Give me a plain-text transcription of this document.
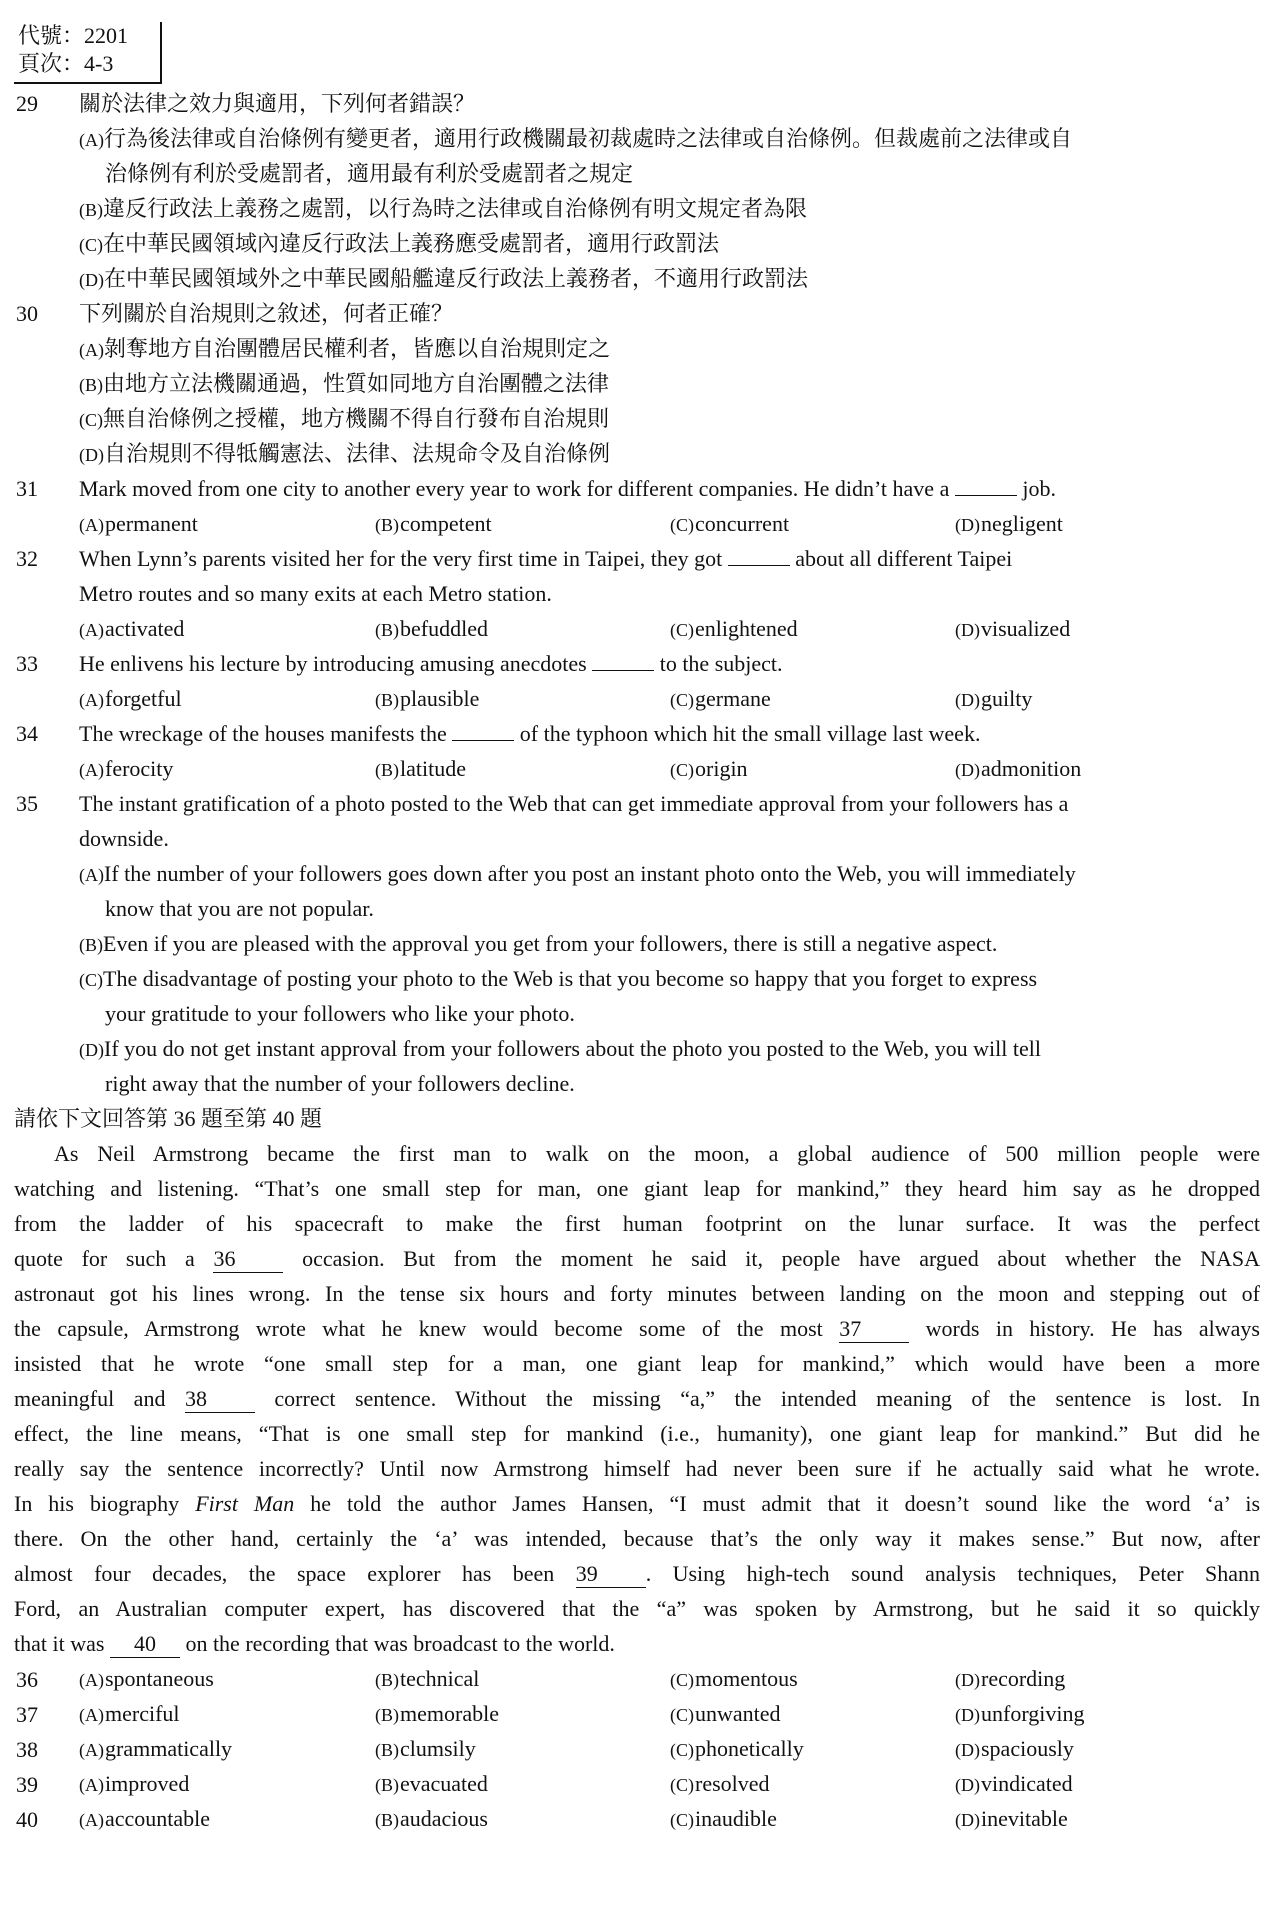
代號：2201
頁次：4-3
29 關於法律之效力與適用，下列何者錯誤？
(A)行為後法律或自治條例有變更者，適用行政機關最初裁處時之法律或自治條例。但裁處前之法律或自
治條例有利於受處罰者，適用最有利於受處罰者之規定
(B)違反行政法上義務之處罰，以行為時之法律或自治條例有明文規定者為限
(C)在中華民國領域內違反行政法上義務應受處罰者，適用行政罰法
(D)在中華民國領域外之中華民國船艦違反行政法上義務者，不適用行政罰法
30 下列關於自治規則之敘述，何者正確？
(A)剝奪地方自治團體居民權利者，皆應以自治規則定之
(B)由地方立法機關通過，性質如同地方自治團體之法律
(C)無自治條例之授權，地方機關不得自行發布自治規則
(D)自治規則不得牴觸憲法、法律、法規命令及自治條例
31 Mark moved from one city to another every year to work for different companies. He didn’t have a	job.
(A)permanent	(B)competent	(C)concurrent	(D)negligent
32 When Lynn’s parents visited her for the very first time in Taipei, they got	about all different Taipei
Metro routes and so many exits at each Metro station.
(A)activated	(B)befuddled	(C)enlightened	(D)visualized
33 He enlivens his lecture by introducing amusing anecdotes	to the subject.
(A)forgetful	(B)plausible	(C)germane	(D)guilty
34 The wreckage of the houses manifests the	of the typhoon which hit the small village last week.
(A)ferocity	(B)latitude	(C)origin	(D)admonition
35 The instant gratification of a photo posted to the Web that can get immediate approval from your followers has a
downside.
(A)If the number of your followers goes down after you post an instant photo onto the Web, you will immediately
know that you are not popular.
(B)Even if you are pleased with the approval you get from your followers, there is still a negative aspect.
(C)The disadvantage of posting your photo to the Web is that you become so happy that you forget to express
your gratitude to your followers who like your photo.
(D)If you do not get instant approval from your followers about the photo you posted to the Web, you will tell
right away that the number of your followers decline.
請依下文回答第 36 題至第 40 題
As Neil Armstrong became the first man to walk on the moon, a global audience of 500 million people were
watching and listening. “That’s one small step for man, one giant leap for mankind,” they heard him say as he dropped
from the ladder of his spacecraft to make the first human footprint on the lunar surface. It was the perfect
quote for such a 36	occasion. But from the moment he said it, people have argued about whether the NASA
astronaut got his lines wrong. In the tense six hours and forty minutes between landing on the moon and stepping out of
the capsule, Armstrong wrote what he knew would become some of the most 37	words in history. He has always
insisted that he wrote “one small step for a man, one giant leap for mankind,” which would have been a more
meaningful and 38	correct sentence. Without the missing “a,” the intended meaning of the sentence is lost. In
effect, the line means, “That is one small step for mankind (i.e., humanity), one giant leap for mankind.” But did he
really say the sentence incorrectly? Until now Armstrong himself had never been sure if he actually said what he wrote.
In his biography First Man he told the author James Hansen, “I must admit that it doesn’t sound like the word ‘a’ is
there. On the other hand, certainly the ‘a’ was intended, because that’s the only way it makes sense.” But now, after
almost four decades, the space explorer has been 39 . Using high-tech sound analysis techniques, Peter Shann
Ford, an Australian computer expert, has discovered that the “a” was spoken by Armstrong, but he said it so quickly
that it was 40 on the recording that was broadcast to the world.
36 (A)spontaneous	(B)technical	(C)momentous	(D)recording
37 (A)merciful	(B)memorable	(C)unwanted	(D)unforgiving
38 (A)grammatically	(B)clumsily	(C)phonetically	(D)spaciously
39 (A)improved	(B)evacuated	(C)resolved	(D)vindicated
40 (A)accountable	(B)audacious	(C)inaudible	(D)inevitable
